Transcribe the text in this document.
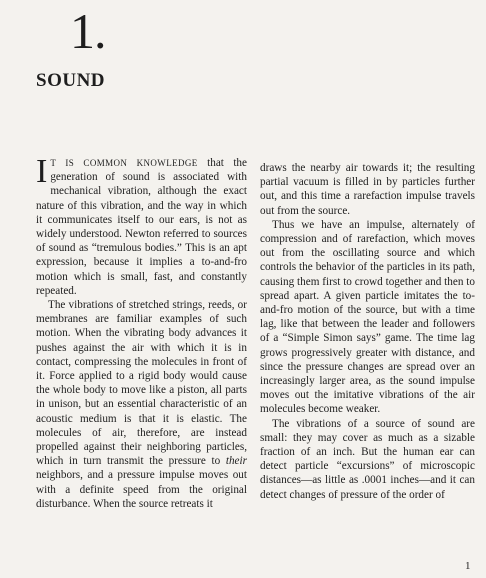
1.
SOUND

I T IS COMMON KNOWLEDGE that the generation of sound is associated with mechanical vibration, although the exact nature of this vibration, and the way in which it communicates itself to our ears, is not as widely understood. Newton referred to sources of sound as “tremulous bodies.” This is an apt expression, because it implies a to-and-fro motion which is small, fast, and constantly repeated.

The vibrations of stretched strings, reeds, or membranes are familiar examples of such motion. When the vibrating body advances it pushes against the air with which it is in contact, compressing the molecules in front of it. Force applied to a rigid body would cause the whole body to move like a piston, all parts in unison, but an essential characteristic of an acoustic medium is that it is elastic. The molecules of air, therefore, are instead propelled against their neighboring particles, which in turn transmit the pressure to their neighbors, and a pressure impulse moves out with a definite speed from the original disturbance. When the source retreats it

draws the nearby air towards it; the resulting partial vacuum is filled in by particles further out, and this time a rarefaction impulse travels out from the source.

Thus we have an impulse, alternately of compression and of rarefaction, which moves out from the oscillating source and which controls the behavior of the particles in its path, causing them first to crowd together and then to spread apart. A given particle imitates the to-and-fro motion of the source, but with a time lag, like that between the leader and followers of a “Simple Simon says” game. The time lag grows progressively greater with distance, and since the pressure changes are spread over an increasingly larger area, as the sound impulse moves out the imitative vibrations of the air molecules become weaker.

The vibrations of a source of sound are small: they may cover as much as a sizable fraction of an inch. But the human ear can detect particle “excursions” of microscopic distances—as little as .0001 inches—and it can detect changes of pressure of the order of

1
